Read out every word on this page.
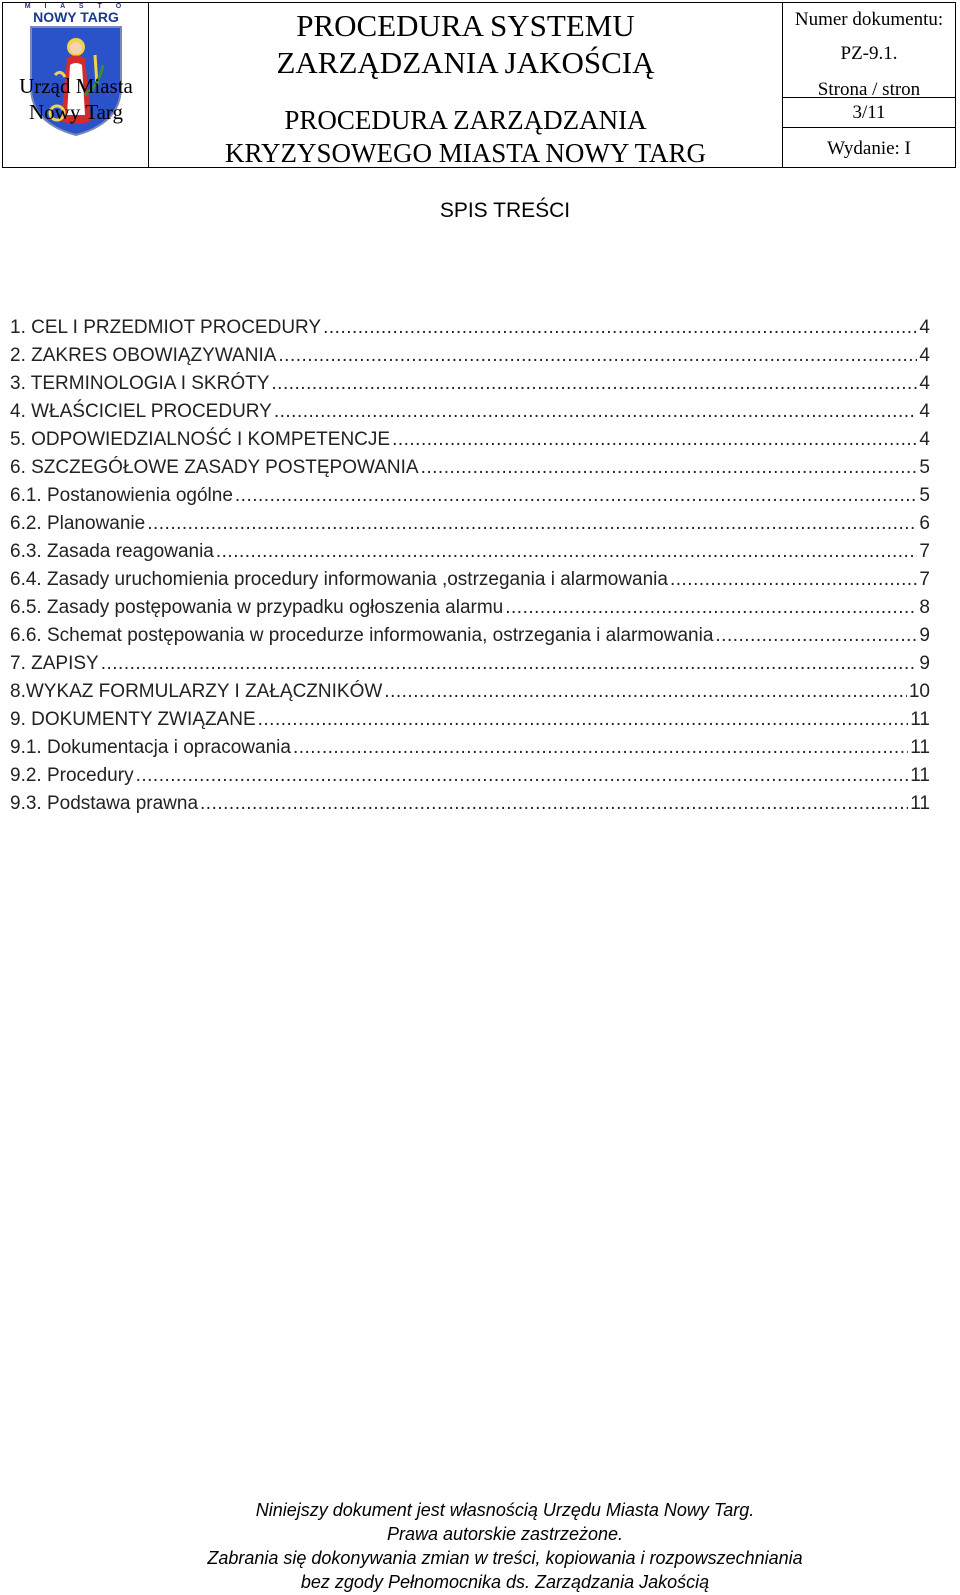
M I A S T O
NOWY TARG
Urząd Miasta
Nowy Targ
PROCEDURA SYSTEMU
ZARZĄDZANIA JAKOŚCIĄ
PROCEDURA ZARZĄDZANIA
KRYZYSOWEGO MIASTA NOWY TARG
Numer dokumentu:
PZ-9.1.
Strona / stron
3/11
Wydanie: I
SPIS TREŚCI
1. CEL I PRZEDMIOT PROCEDURY .....	4
2. ZAKRES OBOWIĄZYWANIA .....	4
3. TERMINOLOGIA I SKRÓTY .....	4
4. WŁAŚCICIEL PROCEDURY .....	4
5. ODPOWIEDZIALNOŚĆ I KOMPETENCJE .....	4
6. SZCZEGÓŁOWE ZASADY POSTĘPOWANIA .....	5
6.1. Postanowienia ogólne .....	5
6.2. Planowanie .....	6
6.3. Zasada reagowania .....	7
6.4. Zasady uruchomienia procedury informowania ,ostrzegania i alarmowania .....	7
6.5. Zasady postępowania w przypadku ogłoszenia alarmu .....	8
6.6. Schemat postępowania w procedurze informowania, ostrzegania i alarmowania .....	9
7. ZAPISY .....	9
8.WYKAZ FORMULARZY I ZAŁĄCZNIKÓW .....	10
9. DOKUMENTY ZWIĄZANE .....	11
9.1. Dokumentacja i opracowania .....	11
9.2. Procedury .....	11
9.3. Podstawa prawna .....	11
Niniejszy dokument jest własnością Urzędu Miasta Nowy Targ.
Prawa autorskie zastrzeżone.
Zabrania się dokonywania zmian w treści, kopiowania i rozpowszechniania
bez zgody Pełnomocnika ds. Zarządzania Jakością
